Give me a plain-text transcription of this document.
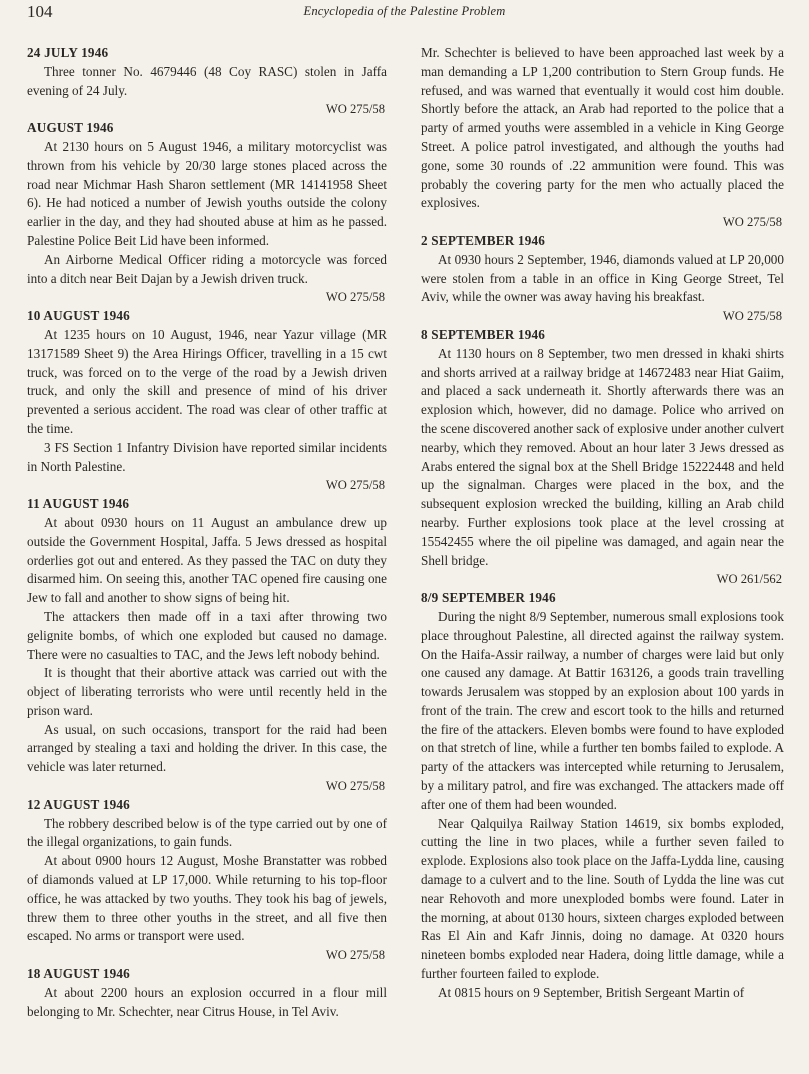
104	Encyclopedia of the Palestine Problem

24 JULY 1946

Three tonner No. 4679446 (48 Coy RASC) stolen in Jaffa evening of 24 July.

WO 275/58

AUGUST 1946

At 2130 hours on 5 August 1946, a military motorcyclist was thrown from his vehicle by 20/30 large stones placed across the road near Michmar Hash Sharon settlement (MR 14141958 Sheet 6). He had noticed a number of Jewish youths outside the colony earlier in the day, and they had shouted abuse at him as he passed. Palestine Police Beit Lid have been informed.

An Airborne Medical Officer riding a motorcycle was forced into a ditch near Beit Dajan by a Jewish driven truck.

WO 275/58

10 AUGUST 1946

At 1235 hours on 10 August, 1946, near Yazur village (MR 13171589 Sheet 9) the Area Hirings Officer, travelling in a 15 cwt truck, was forced on to the verge of the road by a Jewish driven truck, and only the skill and presence of mind of his driver prevented a serious accident. The road was clear of other traffic at the time.

3 FS Section 1 Infantry Division have reported similar incidents in North Palestine.

WO 275/58

11 AUGUST 1946

At about 0930 hours on 11 August an ambulance drew up outside the Government Hospital, Jaffa. 5 Jews dressed as hospital orderlies got out and entered. As they passed the TAC on duty they disarmed him. On seeing this, another TAC opened fire causing one Jew to fall and another to show signs of being hit.

The attackers then made off in a taxi after throwing two gelignite bombs, of which one exploded but caused no damage. There were no casualties to TAC, and the Jews left nobody behind.

It is thought that their abortive attack was carried out with the object of liberating terrorists who were until recently held in the prison ward.

As usual, on such occasions, transport for the raid had been arranged by stealing a taxi and holding the driver. In this case, the vehicle was later returned.

WO 275/58

12 AUGUST 1946

The robbery described below is of the type carried out by one of the illegal organizations, to gain funds.

At about 0900 hours 12 August, Moshe Branstatter was robbed of diamonds valued at LP 17,000. While returning to his top-floor office, he was attacked by two youths. They took his bag of jewels, threw them to three other youths in the street, and all five then escaped. No arms or transport were used.

WO 275/58

18 AUGUST 1946

At about 2200 hours an explosion occurred in a flour mill belonging to Mr. Schechter, near Citrus House, in Tel Aviv.

Mr. Schechter is believed to have been approached last week by a man demanding a LP 1,200 contribution to Stern Group funds. He refused, and was warned that eventually it would cost him double. Shortly before the attack, an Arab had reported to the police that a party of armed youths were assembled in a vehicle in King George Street. A police patrol investigated, and although the youths had gone, some 30 rounds of .22 ammunition were found. This was probably the covering party for the men who actually placed the explosives.

WO 275/58

2 SEPTEMBER 1946

At 0930 hours 2 September, 1946, diamonds valued at LP 20,000 were stolen from a table in an office in King George Street, Tel Aviv, while the owner was away having his breakfast.

WO 275/58

8 SEPTEMBER 1946

At 1130 hours on 8 September, two men dressed in khaki shirts and shorts arrived at a railway bridge at 14672483 near Hiat Gaiim, and placed a sack underneath it. Shortly afterwards there was an explosion which, however, did no damage. Police who arrived on the scene discovered another sack of explosive under another culvert nearby, which they removed. About an hour later 3 Jews dressed as Arabs entered the signal box at the Shell Bridge 15222448 and held up the signalman. Charges were placed in the box, and the subsequent explosion wrecked the building, killing an Arab child nearby. Further explosions took place at the level crossing at 15542455 where the oil pipeline was damaged, and again near the Shell bridge.

WO 261/562

8/9 SEPTEMBER 1946

During the night 8/9 September, numerous small explosions took place throughout Palestine, all directed against the railway system. On the Haifa-Assir railway, a number of charges were laid but only one caused any damage. At Battir 163126, a goods train travelling towards Jerusalem was stopped by an explosion about 100 yards in front of the train. The crew and escort took to the hills and returned the fire of the attackers. Eleven bombs were found to have exploded on that stretch of line, while a further ten bombs failed to explode. A party of the attackers was intercepted while returning to Jerusalem, by a military patrol, and fire was exchanged. The attackers made off after one of them had been wounded.

Near Qalquilya Railway Station 14619, six bombs exploded, cutting the line in two places, while a further seven failed to explode. Explosions also took place on the Jaffa-Lydda line, causing damage to a culvert and to the line. South of Lydda the line was cut near Rehovoth and more unexploded bombs were found. Later in the morning, at about 0130 hours, sixteen charges exploded between Ras El Ain and Kafr Jinnis, doing no damage. At 0320 hours nineteen bombs exploded near Hadera, doing little damage, while a further fourteen failed to explode.

At 0815 hours on 9 September, British Sergeant Martin of
